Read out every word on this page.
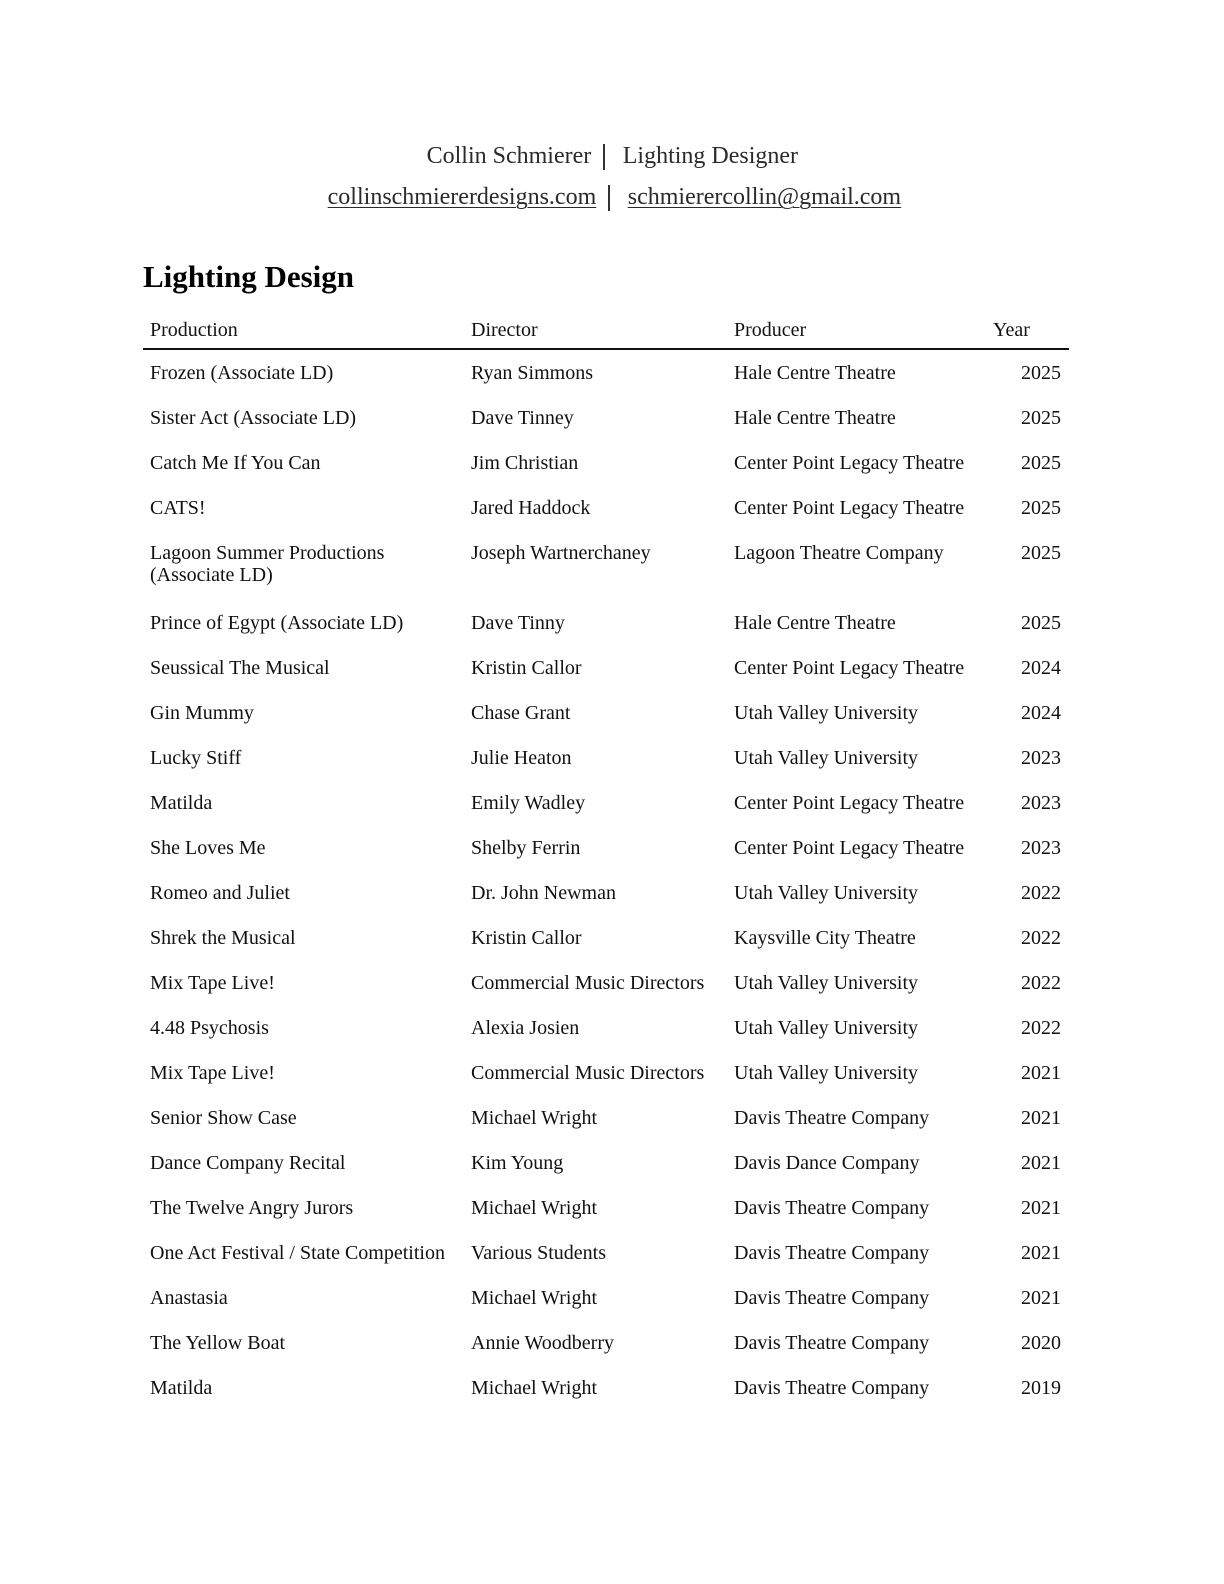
Collin Schmierer	Lighting Designer
collinschmiererdesigns.com	schmierercollin@gmail.com
Lighting Design
Production	Director	Producer	Year
Frozen (Associate LD)	Ryan Simmons	Hale Centre Theatre	2025
Sister Act (Associate LD)	Dave Tinney	Hale Centre Theatre	2025
Catch Me If You Can	Jim Christian	Center Point Legacy Theatre	2025
CATS!	Jared Haddock	Center Point Legacy Theatre	2025
Lagoon Summer Productions (Associate LD)	Joseph Wartnerchaney	Lagoon Theatre Company	2025
Prince of Egypt (Associate LD)	Dave Tinny	Hale Centre Theatre	2025
Seussical The Musical	Kristin Callor	Center Point Legacy Theatre	2024
Gin Mummy	Chase Grant	Utah Valley University	2024
Lucky Stiff	Julie Heaton	Utah Valley University	2023
Matilda	Emily Wadley	Center Point Legacy Theatre	2023
She Loves Me	Shelby Ferrin	Center Point Legacy Theatre	2023
Romeo and Juliet	Dr. John Newman	Utah Valley University	2022
Shrek the Musical	Kristin Callor	Kaysville City Theatre	2022
Mix Tape Live!	Commercial Music Directors	Utah Valley University	2022
4.48 Psychosis	Alexia Josien	Utah Valley University	2022
Mix Tape Live!	Commercial Music Directors	Utah Valley University	2021
Senior Show Case	Michael Wright	Davis Theatre Company	2021
Dance Company Recital	Kim Young	Davis Dance Company	2021
The Twelve Angry Jurors	Michael Wright	Davis Theatre Company	2021
One Act Festival / State Competition	Various Students	Davis Theatre Company	2021
Anastasia	Michael Wright	Davis Theatre Company	2021
The Yellow Boat	Annie Woodberry	Davis Theatre Company	2020
Matilda	Michael Wright	Davis Theatre Company	2019
